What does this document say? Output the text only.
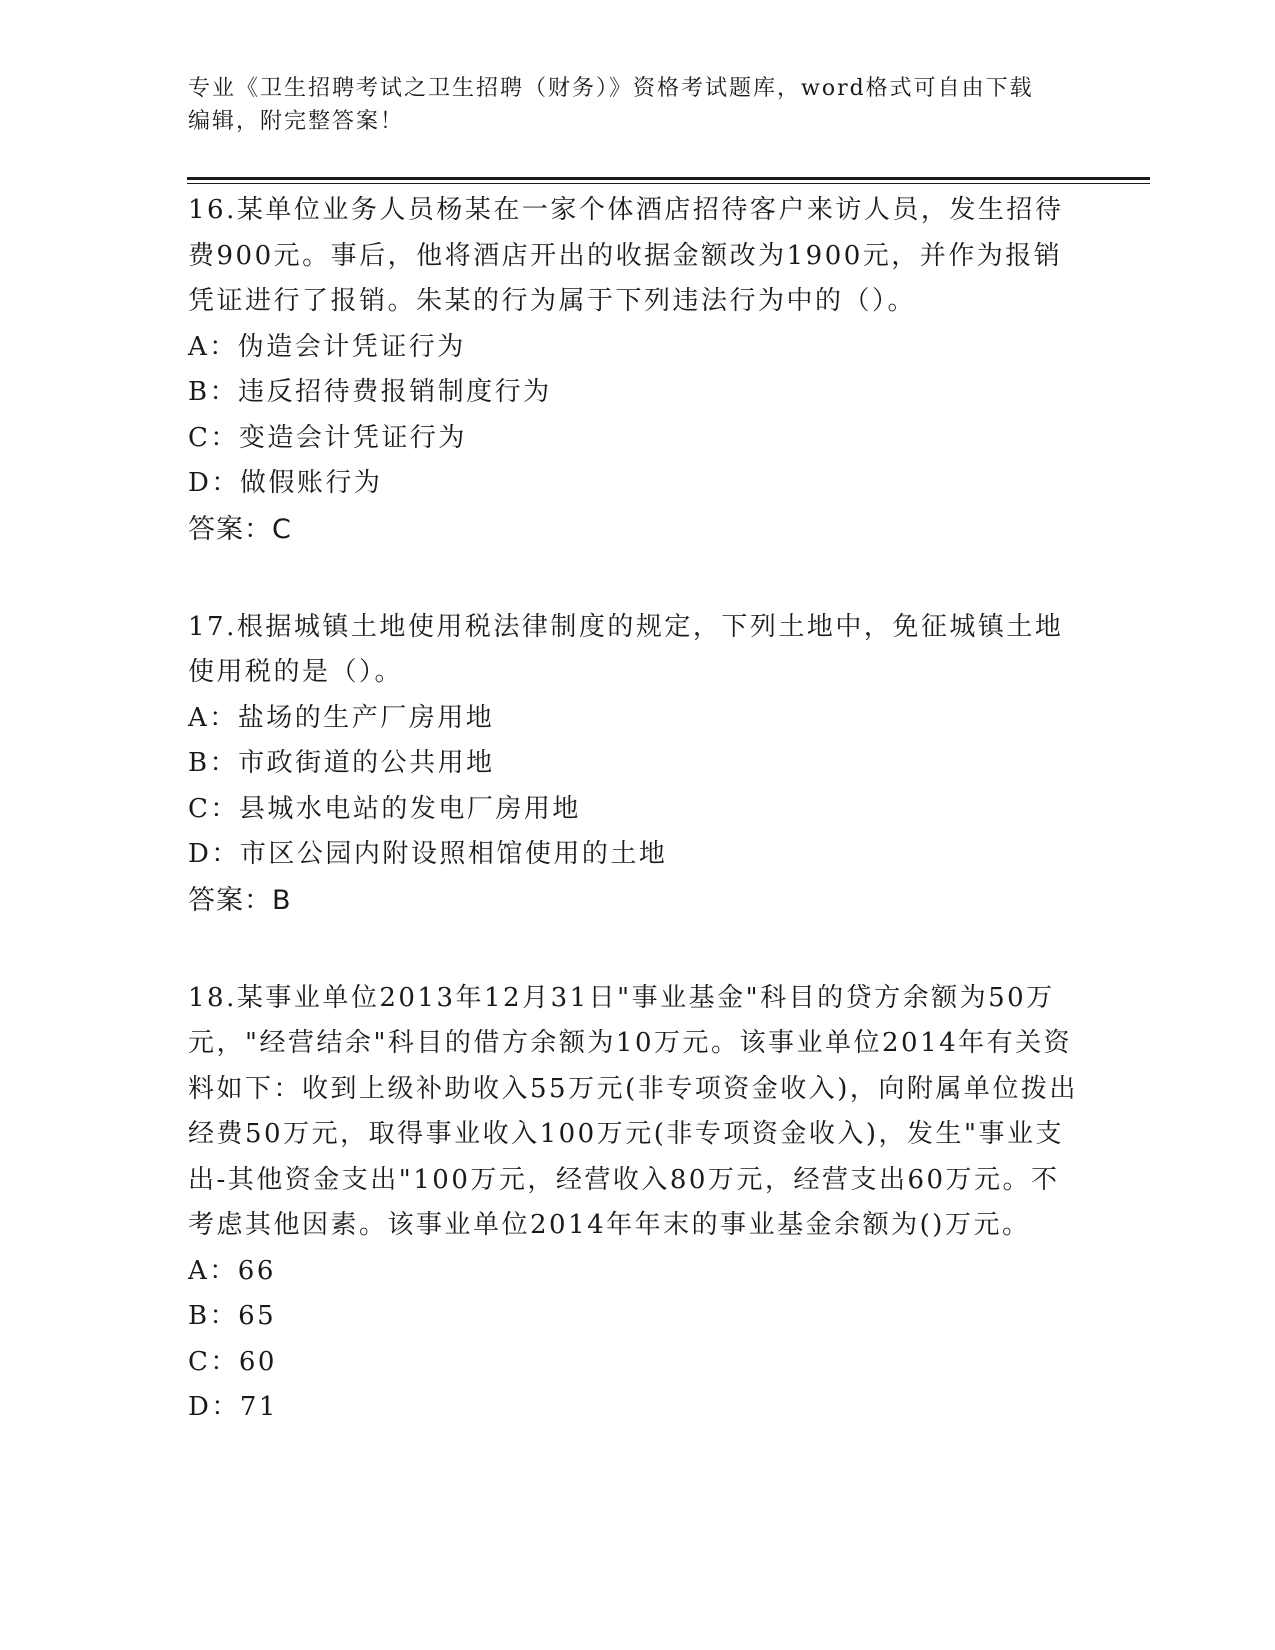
专业《卫生招聘考试之卫生招聘（财务）》资格考试题库，word格式可自由下载
编辑，附完整答案！

16.某单位业务人员杨某在一家个体酒店招待客户来访人员，发生招待费900元。事后，他将酒店开出的收据金额改为1900元，并作为报销凭证进行了报销。朱某的行为属于下列违法行为中的（）。

A：伪造会计凭证行为

B：违反招待费报销制度行为

C：变造会计凭证行为

D：做假账行为

答案：C

17.根据城镇土地使用税法律制度的规定，下列土地中，免征城镇土地使用税的是（）。

A：盐场的生产厂房用地

B：市政街道的公共用地

C：县城水电站的发电厂房用地

D：市区公园内附设照相馆使用的土地

答案：B

18.某事业单位2013年12月31日"事业基金"科目的贷方余额为50万元，"经营结余"科目的借方余额为10万元。该事业单位2014年有关资料如下：收到上级补助收入55万元(非专项资金收入)，向附属单位拨出经费50万元，取得事业收入100万元(非专项资金收入)，发生"事业支出-其他资金支出"100万元，经营收入80万元，经营支出60万元。不考虑其他因素。该事业单位2014年年末的事业基金余额为()万元。

A：66

B：65

C：60

D：71
